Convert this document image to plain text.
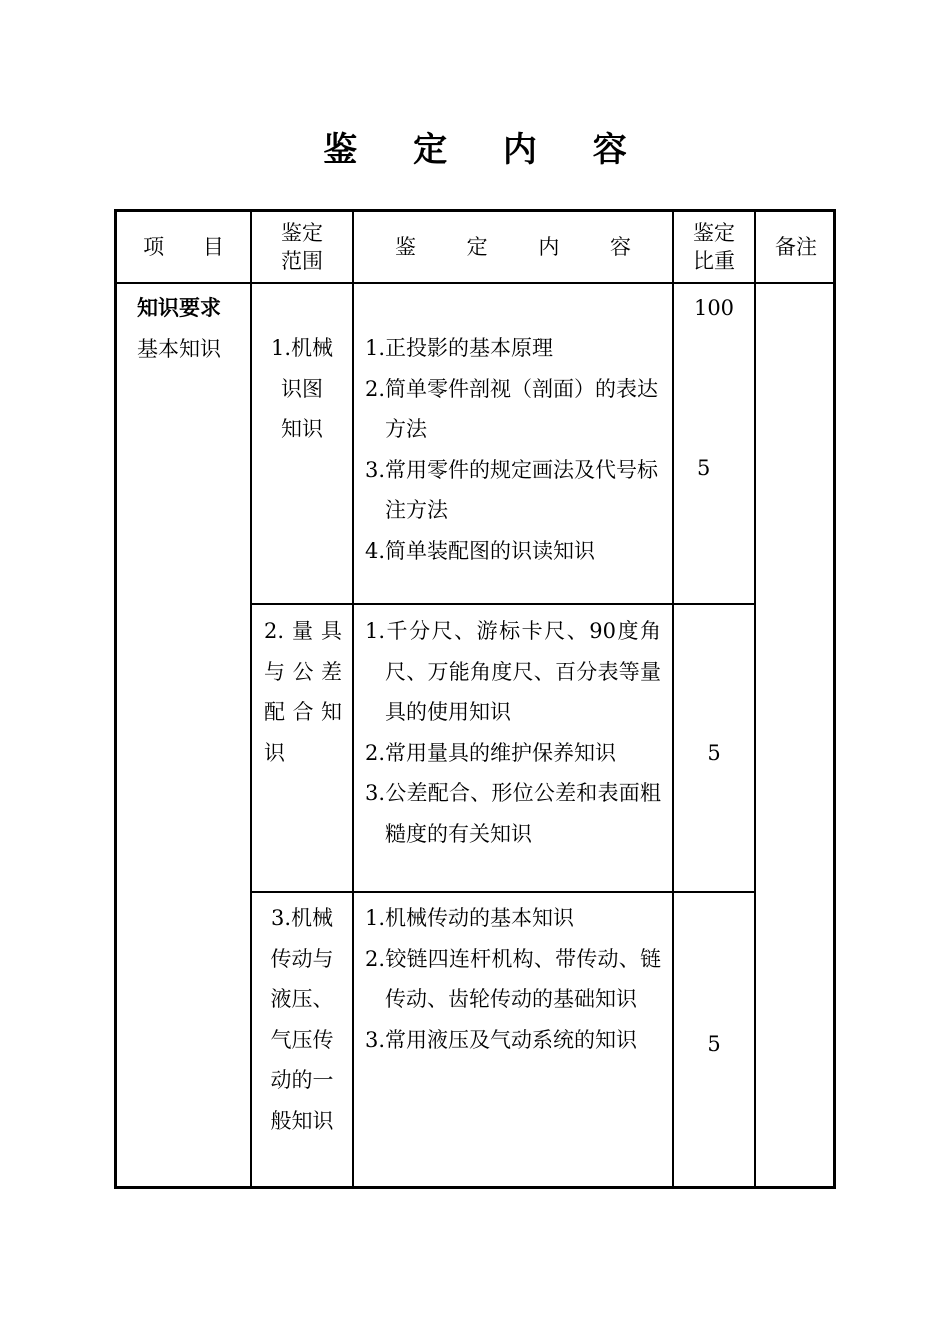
鉴 定 内 容
项 目
鉴定
范围
鉴 定 内 容
鉴定
比重
备注
知识要求
基本知识
100
1.机械
识图
知识
1.正投影的基本原理
2.简单零件剖视（剖面）的表达方法
3.常用零件的规定画法及代号标注方法
4.简单装配图的识读知识
5
2.量具
与公差
配合知
识
1.千分尺、游标卡尺、90度角尺、万能角度尺、百分表等量具的使用知识
2.常用量具的维护保养知识
3.公差配合、形位公差和表面粗糙度的有关知识
5
3.机械
传动与
液压、
气压传
动的一
般知识
1.机械传动的基本知识
2.铰链四连杆机构、带传动、链传动、齿轮传动的基础知识
3.常用液压及气动系统的知识	5
